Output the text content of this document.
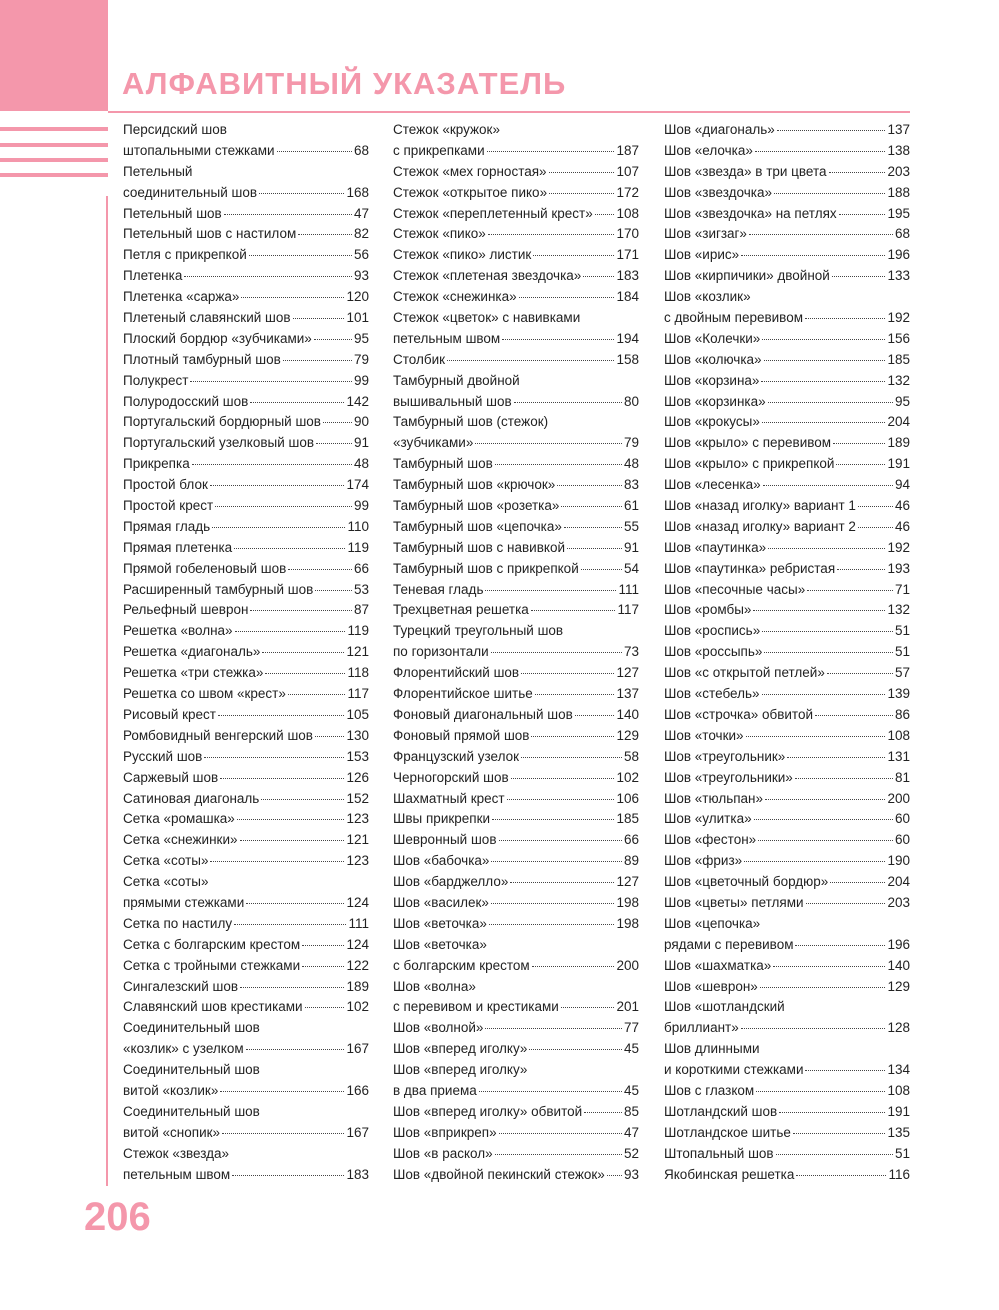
АЛФАВИТНЫЙ УКАЗАТЕЛЬ
Персидский шов
штопальными стежками	68
Петельный
соединительный шов	168
Петельный шов	47
Петельный шов с настилом	82
Петля с прикрепкой	56
Плетенка	93
Плетенка «саржа»	120
Плетеный славянский шов	101
Плоский бордюр «зубчиками»	95
Плотный тамбурный шов	79
Полукрест	99
Полуродосский шов	142
Португальский бордюрный шов 90
Португальский узелковый шов	91
Прикрепка	48
Простой блок	174
Простой крест	99
Прямая гладь	110
Прямая плетенка	119
Прямой гобеленовый шов	66
Расширенный тамбурный шов	53
Рельефный шеврон	87
Решетка «волна»	119
Решетка «диагональ»	121
Решетка «три стежка»	118
Решетка со швом «крест»	117
Рисовый крест	105
Ромбовидный венгерский шов 130
Русский шов	153
Саржевый шов	126
Сатиновая диагональ	152
Сетка «ромашка»	123
Сетка «снежинки»	121
Сетка «соты»	123
Сетка «соты»
прямыми стежками	124
Сетка по настилу	111
Сетка с болгарским крестом	124
Сетка с тройными стежками	122
Сингалезский шов	189
Славянский шов крестиками	102
Соединительный шов
«козлик» с узелком	167
Соединительный шов
витой «козлик»	166
Соединительный шов
витой «снопик»	167
Стежок «звезда»
петельным швом	183
Стежок «кружок»
с прикрепками	187
Стежок «мех горностая»	107
Стежок «открытое пико»	172
Стежок «переплетенный крест» 108
Стежок «пико»	170
Стежок «пико» листик	171
Стежок «плетеная звездочка»	183
Стежок «снежинка»	184
Стежок «цветок» с навивками
петельным швом	194
Столбик	158
Тамбурный двойной
вышивальный шов	80
Тамбурный шов (стежок)
«зубчиками»	79
Тамбурный шов	48
Тамбурный шов «крючок»	83
Тамбурный шов «розетка»	61
Тамбурный шов «цепочка»	55
Тамбурный шов с навивкой	91
Тамбурный шов с прикрепкой	54
Теневая гладь	111
Трехцветная решетка	117
Турецкий треугольный шов
по горизонтали	73
Флорентийский шов	127
Флорентийское шитье	137
Фоновый диагональный шов	140
Фоновый прямой шов	129
Французский узелок	58
Черногорский шов	102
Шахматный крест	106
Швы прикрепки	185
Шевронный шов	66
Шов «бабочка»	89
Шов «барджелло»	127
Шов «василек»	198
Шов «веточка»	198
Шов «веточка»
с болгарским крестом	200
Шов «волна»
с перевивом и крестиками	201
Шов «волной»	77
Шов «вперед иголку»	45
Шов «вперед иголку»
в два приема	45
Шов «вперед иголку» обвитой	85
Шов «вприкреп»	47
Шов «в раскол»	52
Шов «двойной пекинский стежок» 93
Шов «диагональ»	137
Шов «елочка»	138
Шов «звезда» в три цвета	203
Шов «звездочка»	188
Шов «звездочка» на петлях	195
Шов «зигзаг»	68
Шов «ирис»	196
Шов «кирпичики» двойной	133
Шов «козлик»
с двойным перевивом	192
Шов «Колечки»	156
Шов «колючка»	185
Шов «корзина»	132
Шов «корзинка»	95
Шов «крокусы»	204
Шов «крыло» с перевивом	189
Шов «крыло» с прикрепкой	191
Шов «лесенка»	94
Шов «назад иголку» вариант 1	46
Шов «назад иголку» вариант 2	46
Шов «паутинка»	192
Шов «паутинка» ребристая	193
Шов «песочные часы»	71
Шов «ромбы»	132
Шов «роспись»	51
Шов «россыпь»	51
Шов «с открытой петлей»	57
Шов «стебель»	139
Шов «строчка» обвитой	86
Шов «точки»	108
Шов «треугольник»	131
Шов «треугольники»	81
Шов «тюльпан»	200
Шов «улитка»	60
Шов «фестон»	60
Шов «фриз»	190
Шов «цветочный бордюр»	204
Шов «цветы» петлями	203
Шов «цепочка»
рядами с перевивом	196
Шов «шахматка»	140
Шов «шеврон»	129
Шов «шотландский
бриллиант»	128
Шов длинными
и короткими стежками	134
Шов с глазком	108
Шотландский шов	191
Шотландское шитье	135
Штопальный шов	51
Якобинская решетка	116
206
